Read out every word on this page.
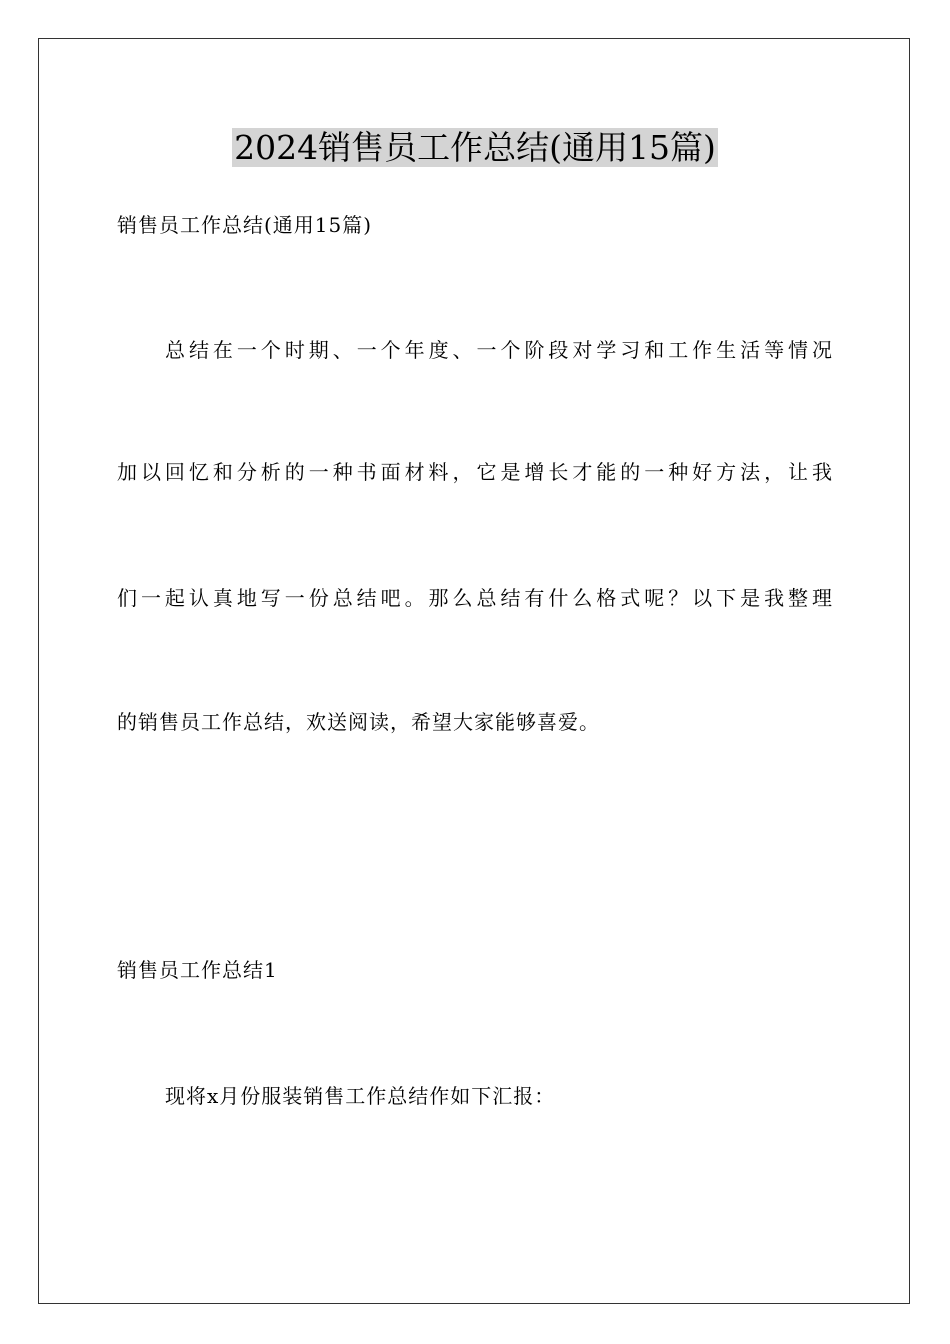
2024销售员工作总结(通用15篇)

销售员工作总结(通用15篇)

总结在一个时期、一个年度、一个阶段对学习和工作生活等情况

加以回忆和分析的一种书面材料，它是增长才能的一种好方法，让我

们一起认真地写一份总结吧。那么总结有什么格式呢？以下是我整理

的销售员工作总结，欢送阅读，希望大家能够喜爱。

销售员工作总结1

现将x月份服装销售工作总结作如下汇报：
